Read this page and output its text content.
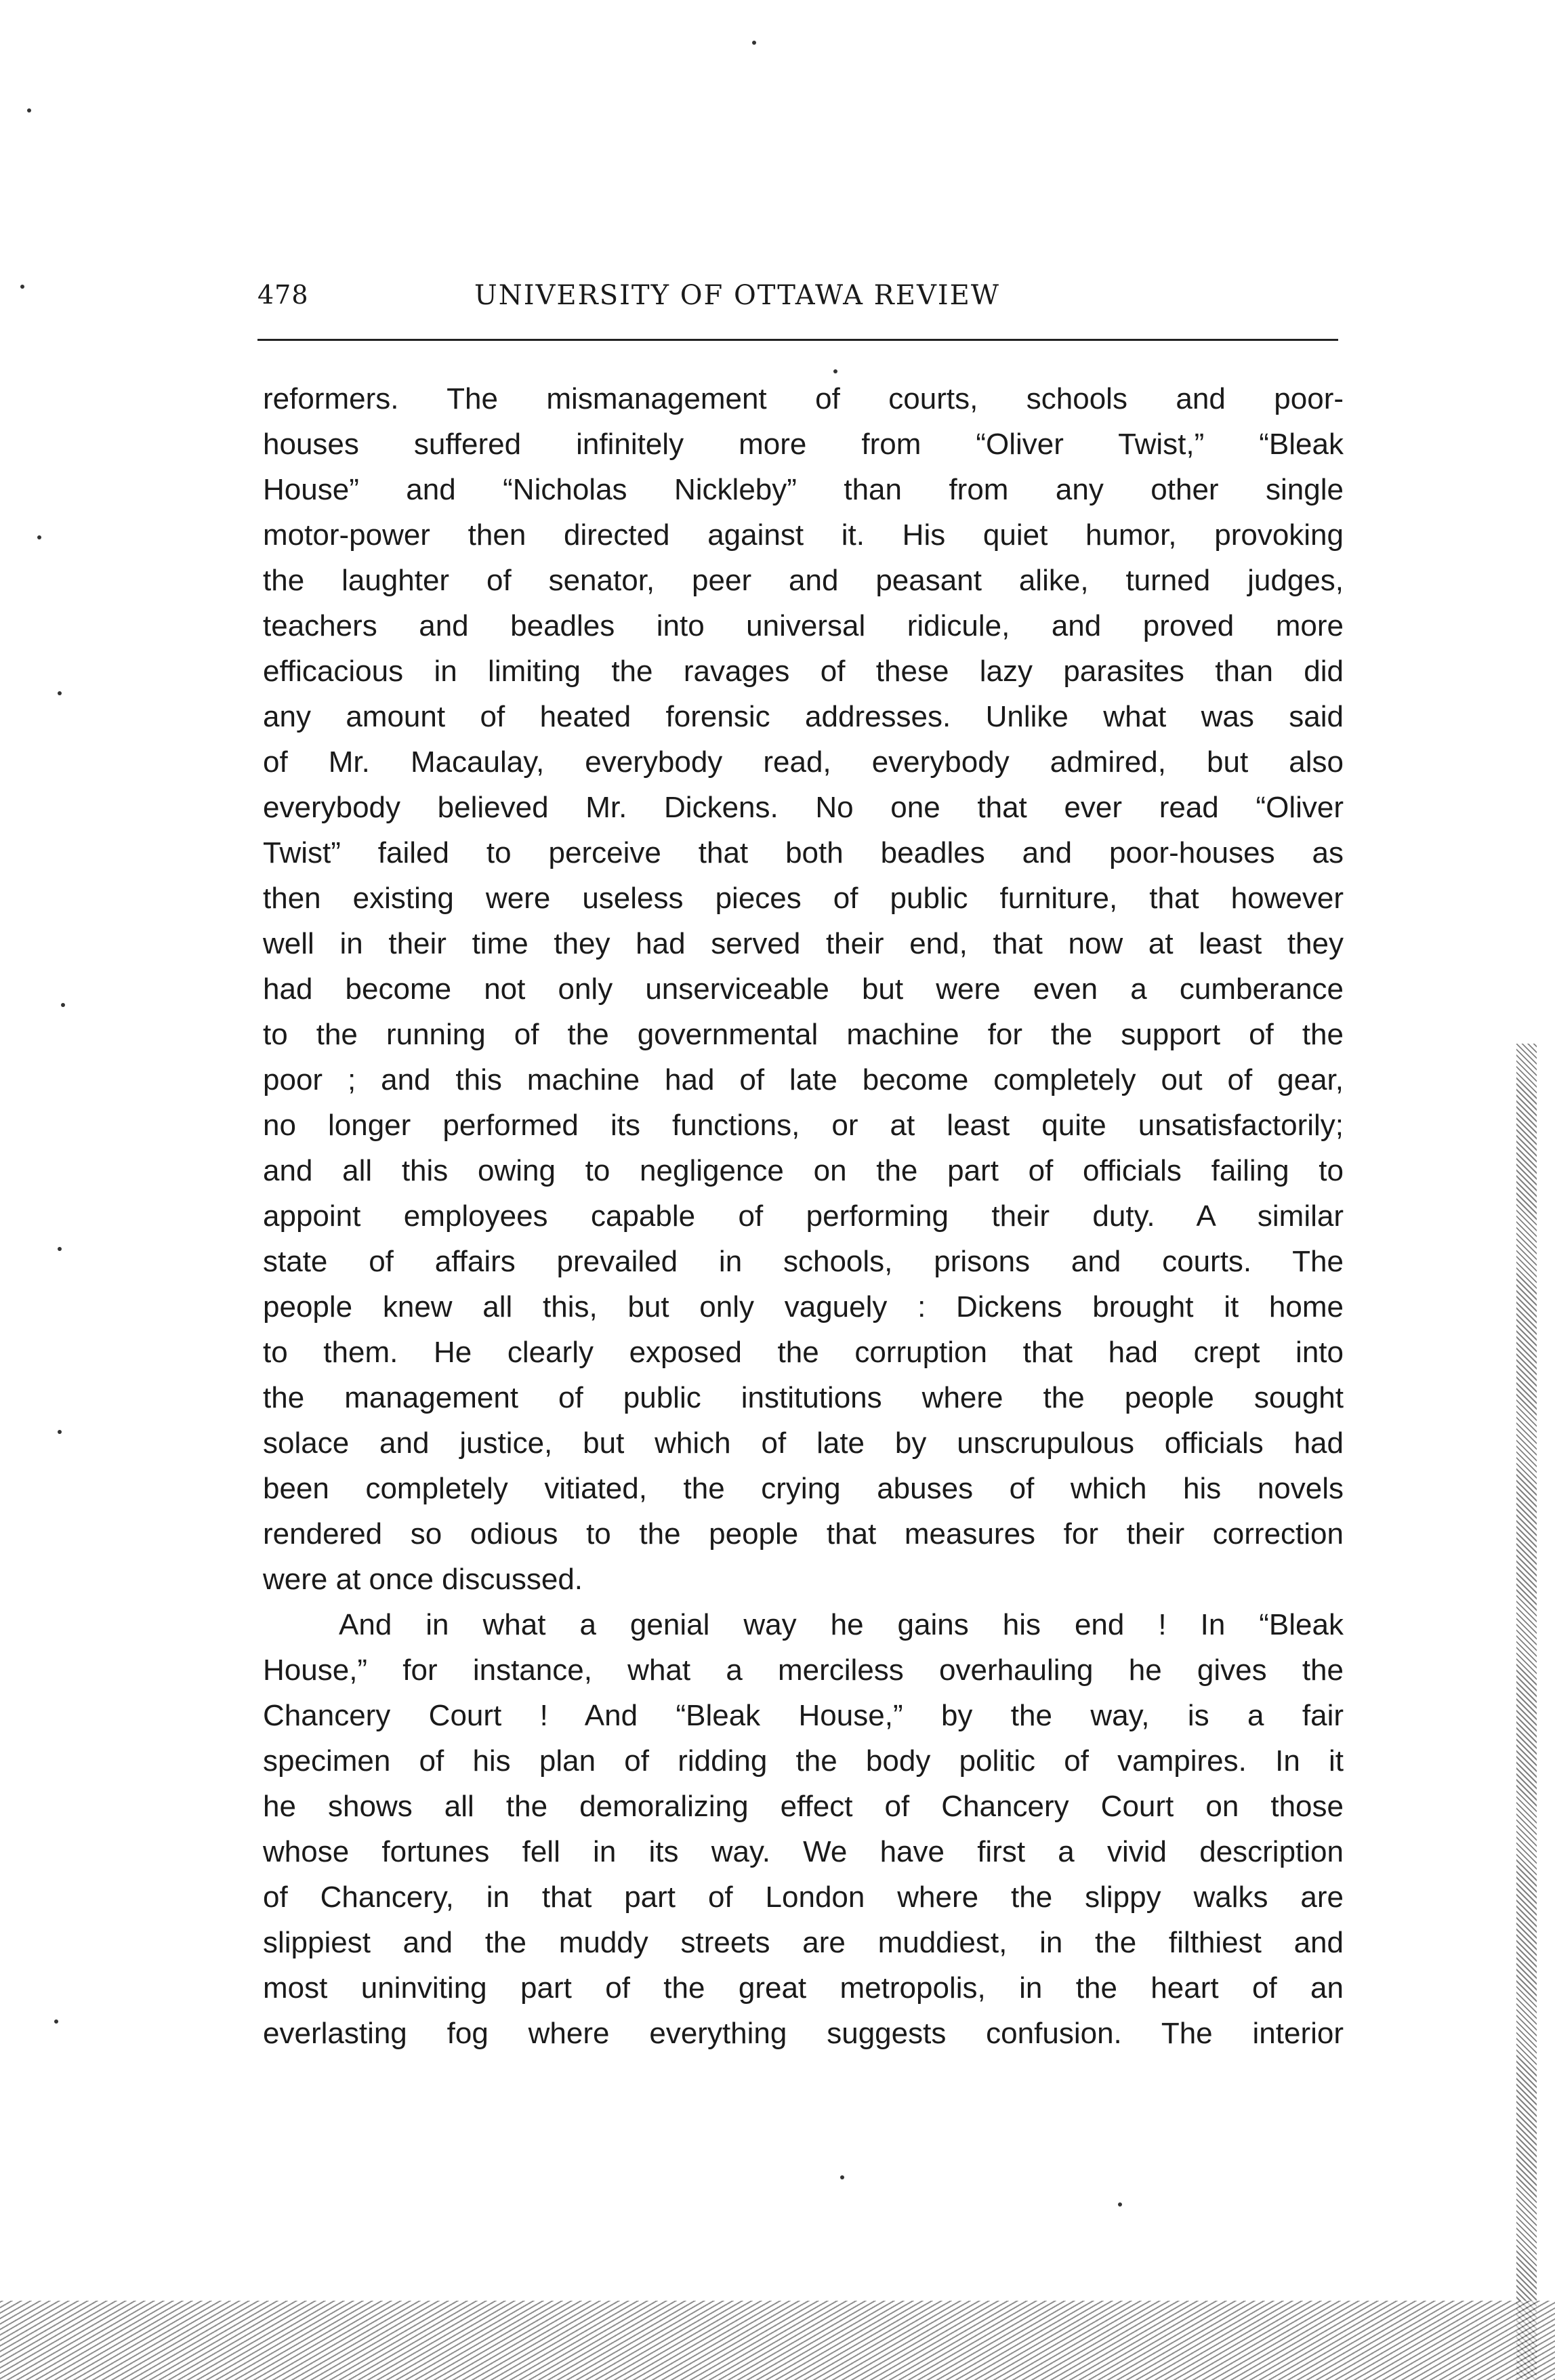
478	UNIVERSITY OF OTTAWA REVIEW
reformers. The mismanagement of courts, schools and poor-
houses suffered infinitely more from “Oliver Twist,” “Bleak
House” and “Nicholas Nickleby” than from any other single
motor-power then directed against it. His quiet humor, provoking
the laughter of senator, peer and peasant alike, turned judges,
teachers and beadles into universal ridicule, and proved more
efficacious in limiting the ravages of these lazy parasites than did
any amount of heated forensic addresses. Unlike what was said
of Mr. Macaulay, everybody read, everybody admired, but also
everybody believed Mr. Dickens. No one that ever read “Oliver
Twist” failed to perceive that both beadles and poor-houses as
then existing were useless pieces of public furniture, that however
well in their time they had served their end, that now at least they
had become not only unserviceable but were even a cumberance
to the running of the governmental machine for the support of the
poor ; and this machine had of late become completely out of gear,
no longer performed its functions, or at least quite unsatisfactorily;
and all this owing to negligence on the part of officials failing to
appoint employees capable of performing their duty. A similar
state of affairs prevailed in schools, prisons and courts. The
people knew all this, but only vaguely : Dickens brought it home
to them. He clearly exposed the corruption that had crept into
the management of public institutions where the people sought
solace and justice, but which of late by unscrupulous officials had
been completely vitiated, the crying abuses of which his novels
rendered so odious to the people that measures for their correction
were at once discussed.
And in what a genial way he gains his end ! In “Bleak
House,” for instance, what a merciless overhauling he gives the
Chancery Court ! And “Bleak House,” by the way, is a fair
specimen of his plan of ridding the body politic of vampires. In it
he shows all the demoralizing effect of Chancery Court on those
whose fortunes fell in its way. We have first a vivid description
of Chancery, in that part of London where the slippy walks are
slippiest and the muddy streets are muddiest, in the filthiest and
most uninviting part of the great metropolis, in the heart of an
everlasting fog where everything suggests confusion. The interior
